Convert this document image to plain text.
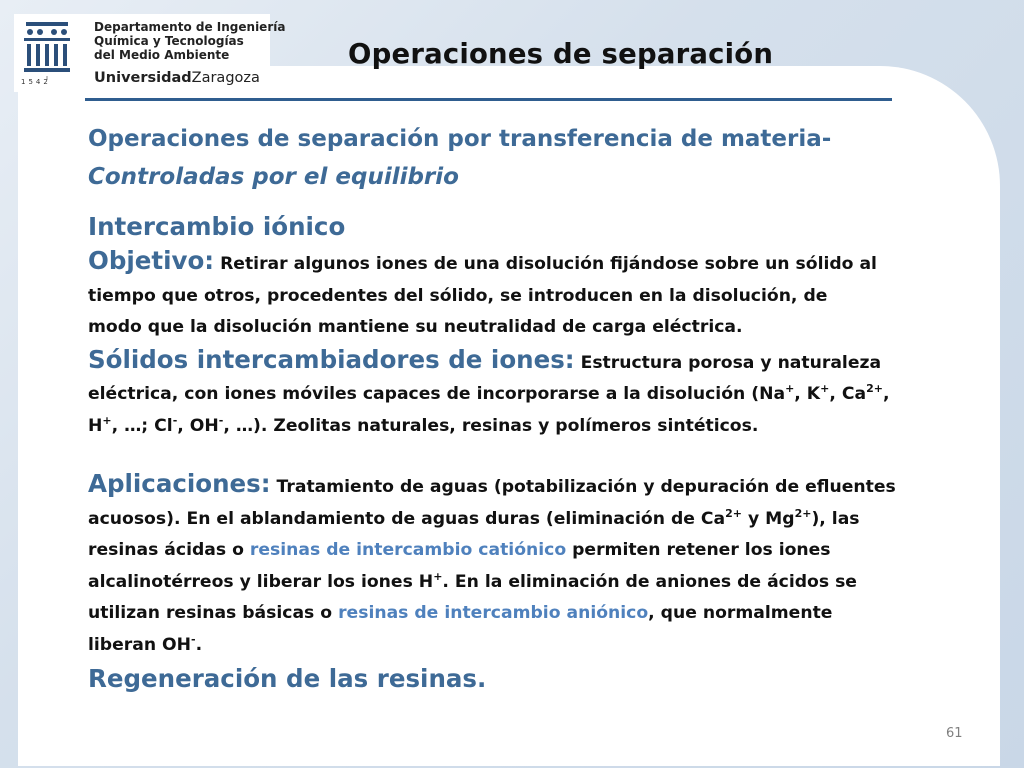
1542
Departamento de Ingeniería
Química y Tecnologías
del Medio Ambiente
UniversidadZaragoza
Operaciones de separación
Operaciones de separación por transferencia de materia-
Controladas por el equilibrio

Intercambio iónico

Objetivo: Retirar algunos iones de una disolución fijándose sobre un sólido al
tiempo que otros, procedentes del sólido, se introducen en la disolución, de
modo que la disolución mantiene su neutralidad de carga eléctrica.

Sólidos intercambiadores de iones: Estructura porosa y naturaleza
eléctrica, con iones móviles capaces de incorporarse a la disolución (Na+, K+, $Ca^{2+}$,
H+, …; Cl-, OH-, …). Zeolitas naturales, resinas y polímeros sintéticos.

Aplicaciones: Tratamiento de aguas (potabilización y depuración de efluentes
acuosos). En el ablandamiento de aguas duras (eliminación de $Ca^{2+}$ y $Mg^{2+}$), las
resinas ácidas o resinas de intercambio catiónico permiten retener los iones
alcalinotérreos y liberar los iones H+. En la eliminación de aniones de ácidos se
utilizan resinas básicas o resinas de intercambio aniónico, que normalmente
liberan OH-.

Regeneración de las resinas.

61
